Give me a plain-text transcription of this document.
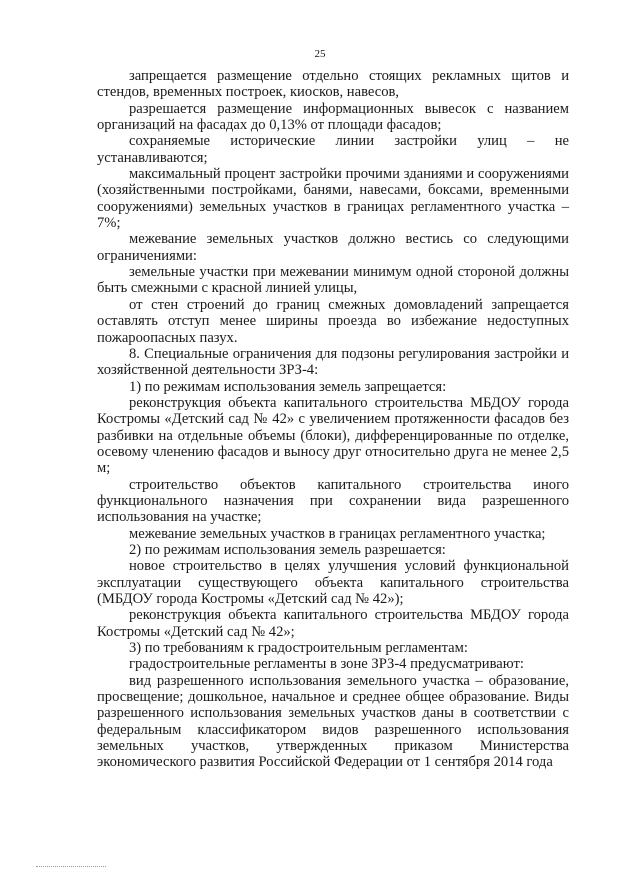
25

запрещается размещение отдельно стоящих рекламных щитов и стендов, временных построек, киосков, навесов,

разрешается размещение информационных вывесок с названием организаций на фасадах до 0,13% от площади фасадов;

сохраняемые исторические линии застройки улиц – не устанавливаются;

максимальный процент застройки прочими зданиями и сооружениями (хозяйственными постройками, банями, навесами, боксами, временными сооружениями) земельных участков в границах регламентного участка – 7%;

межевание земельных участков должно вестись со следующими ограничениями:

земельные участки при межевании минимум одной стороной должны быть смежными с красной линией улицы,

от стен строений до границ смежных домовладений запрещается оставлять отступ менее ширины проезда во избежание недоступных пожароопасных пазух.

8. Специальные ограничения для подзоны регулирования застройки и хозяйственной деятельности ЗРЗ-4:

1) по режимам использования земель запрещается:

реконструкция объекта капитального строительства МБДОУ города Костромы «Детский сад № 42» с увеличением протяженности фасадов без разбивки на отдельные объемы (блоки), дифференцированные по отделке, осевому членению фасадов и выносу друг относительно друга не менее 2,5 м;

строительство объектов капитального строительства иного функционального назначения при сохранении вида разрешенного использования на участке;

межевание земельных участков в границах регламентного участка;

2) по режимам использования земель разрешается:

новое строительство в целях улучшения условий функциональной эксплуатации существующего объекта капитального строительства (МБДОУ города Костромы «Детский сад № 42»);

реконструкция объекта капитального строительства МБДОУ города Костромы «Детский сад № 42»;

3) по требованиям к градостроительным регламентам:

градостроительные регламенты в зоне ЗРЗ-4 предусматривают:

вид разрешенного использования земельного участка – образование, просвещение; дошкольное, начальное и среднее общее образование. Виды разрешенного использования земельных участков даны в соответствии с федеральным классификатором видов разрешенного использования земельных участков, утвержденных приказом Министерства экономического развития Российской Федерации от 1 сентября 2014 года
